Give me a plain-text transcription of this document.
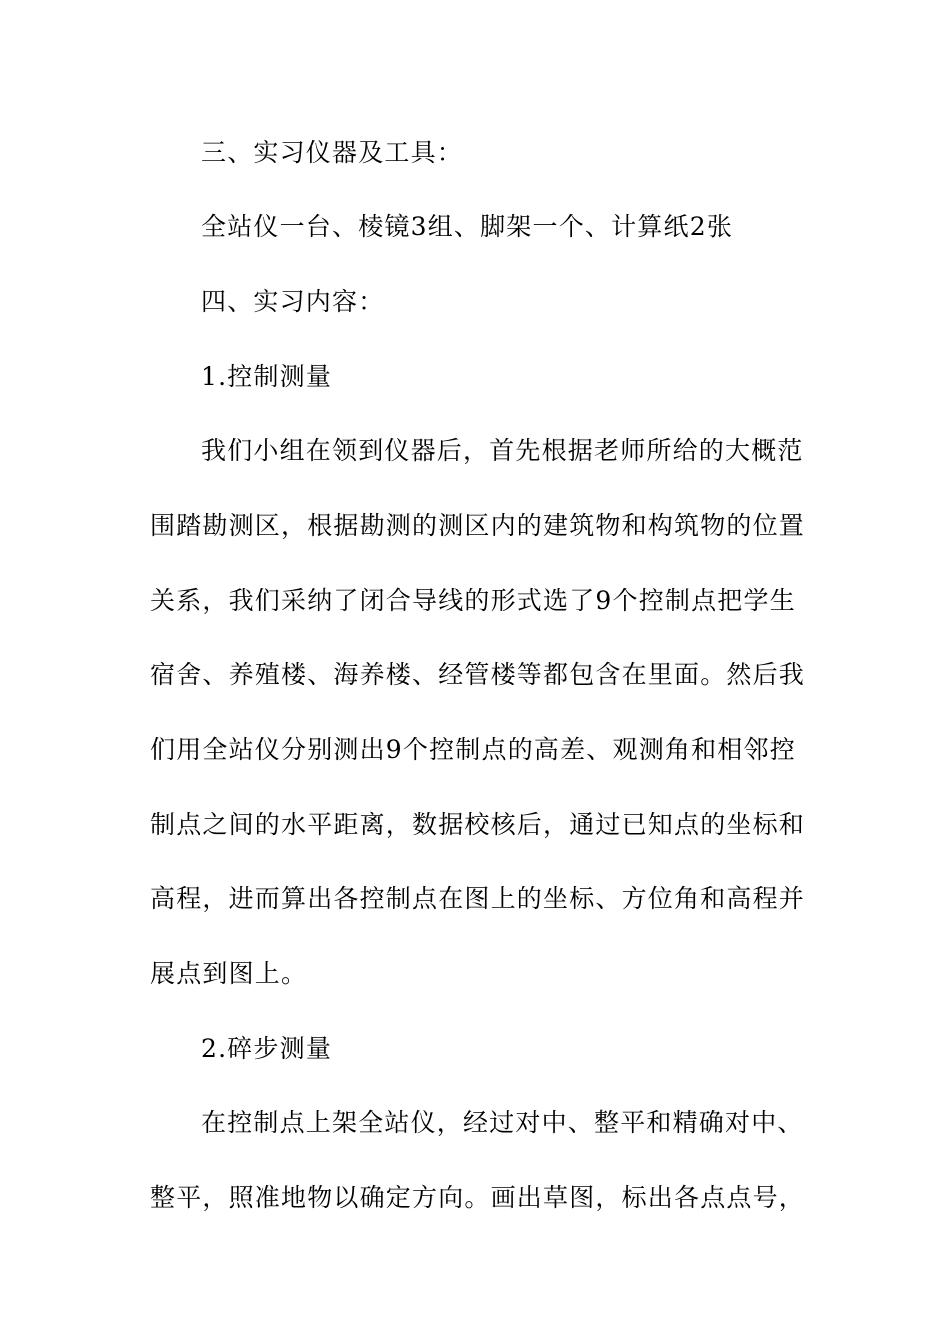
三、实习仪器及工具：
全站仪一台、棱镜3组、脚架一个、计算纸2张
四、实习内容：
1.控制测量
我们小组在领到仪器后，首先根据老师所给的大概范
围踏勘测区，根据勘测的测区内的建筑物和构筑物的位置
关系，我们采纳了闭合导线的形式选了9个控制点把学生
宿舍、养殖楼、海养楼、经管楼等都包含在里面。然后我
们用全站仪分别测出9个控制点的高差、观测角和相邻控
制点之间的水平距离，数据校核后，通过已知点的坐标和
高程，进而算出各控制点在图上的坐标、方位角和高程并
展点到图上。
2.碎步测量
在控制点上架全站仪，经过对中、整平和精确对中、
整平，照准地物以确定方向。画出草图，标出各点点号，
